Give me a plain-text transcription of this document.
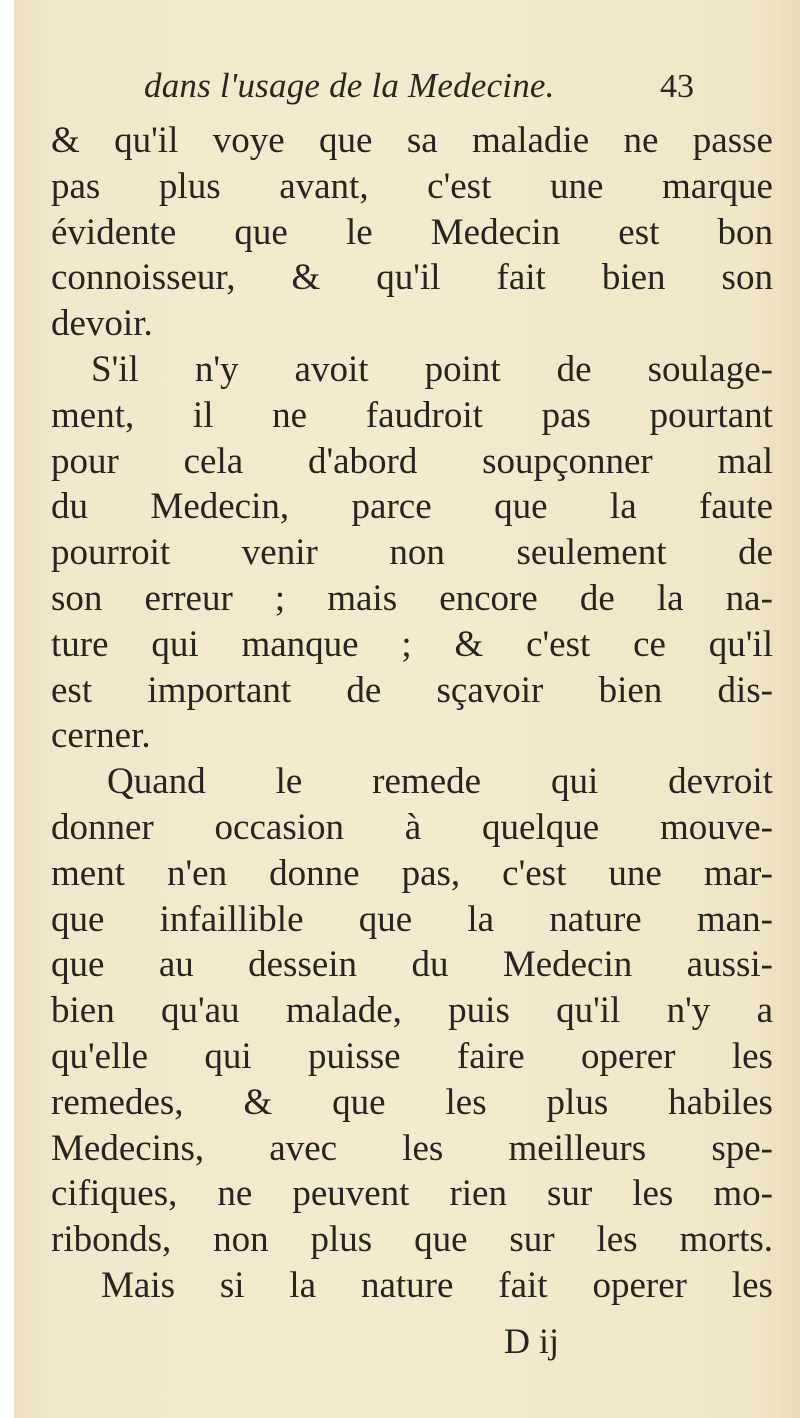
dans l'usage de la Medecine.	43
& qu'il voye que sa maladie ne passe
pas plus avant, c'est une marque
évidente que le Medecin est bon
connoisseur, & qu'il fait bien son
devoir.
S'il n'y avoit point de soulage-
ment, il ne faudroit pas pourtant
pour cela d'abord soupçonner mal
du Medecin, parce que la faute
pourroit venir non seulement de
son erreur ; mais encore de la na-
ture qui manque ; & c'est ce qu'il
est important de sçavoir bien dis-
cerner.
Quand le remede qui devroit
donner occasion à quelque mouve-
ment n'en donne pas, c'est une mar-
que infaillible que la nature man-
que au dessein du Medecin aussi-
bien qu'au malade, puis qu'il n'y a
qu'elle qui puisse faire operer les
remedes, & que les plus habiles
Medecins, avec les meilleurs spe-
cifiques, ne peuvent rien sur les mo-
ribonds, non plus que sur les morts.
Mais si la nature fait operer les
D ij
